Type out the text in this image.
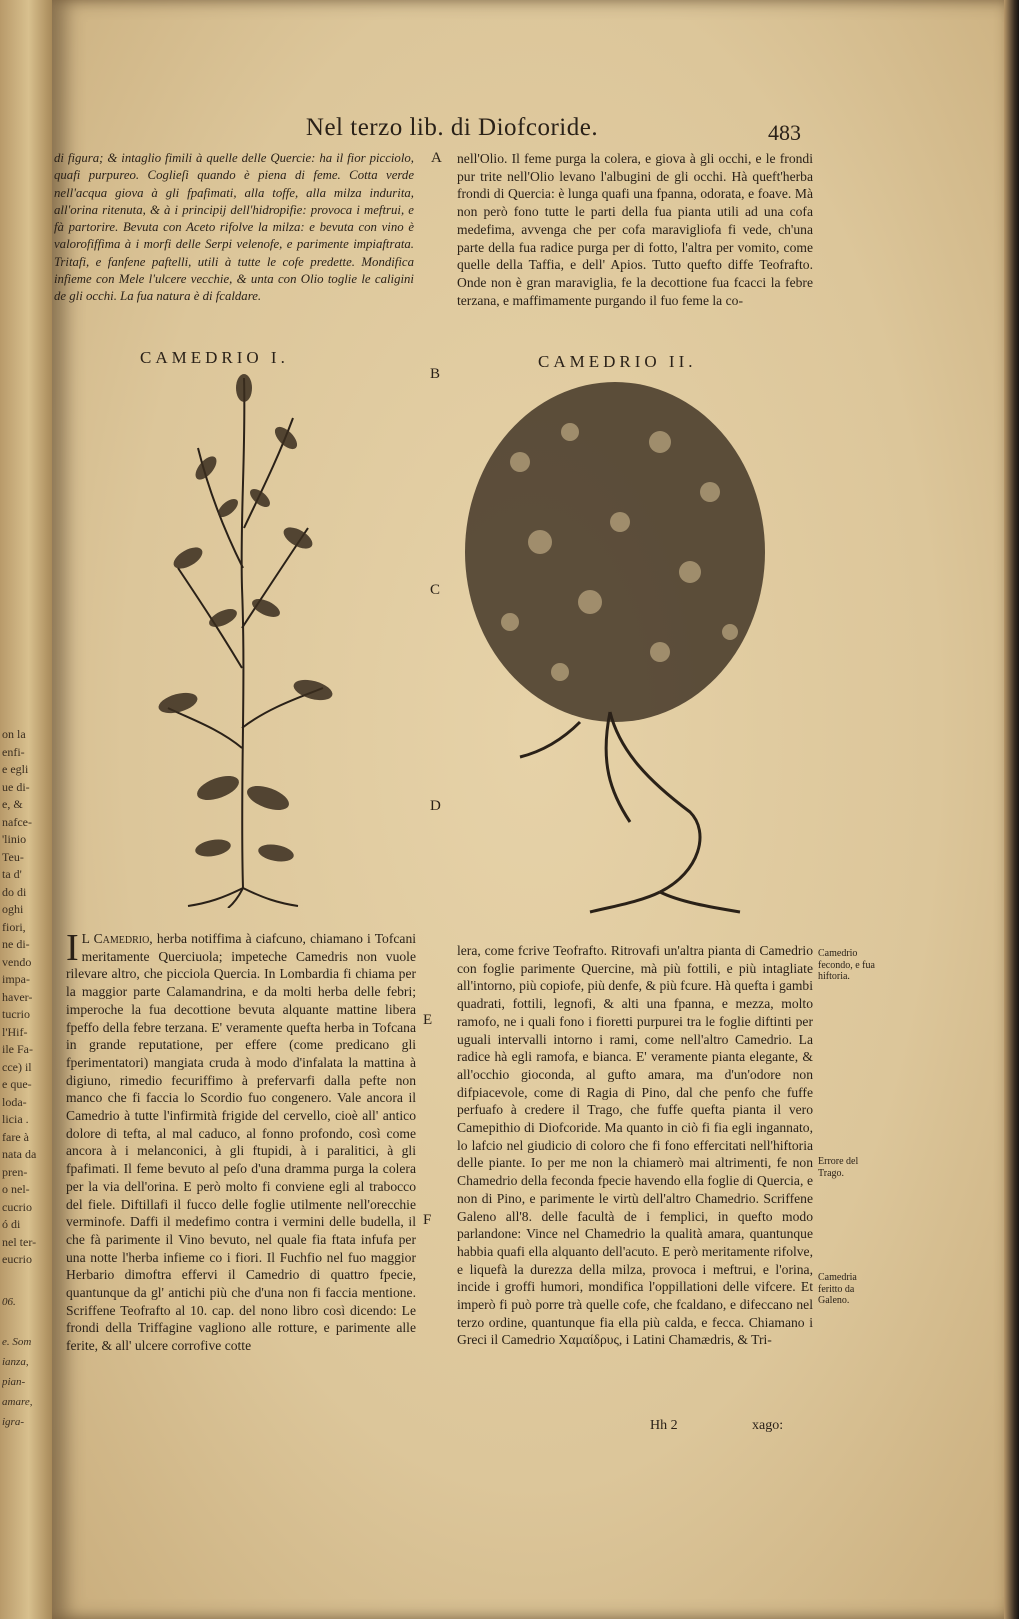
on la
enfi-
e egli
ue di-
e, &
nafce-
'linio
Teu-
ta d'
do di
oghi
fiori,
ne di-
vendo
impa-
haver-
tucrio
l'Hif-
ile Fa-
cce) il
e que-
loda-
licia .
fare à
nata da
pren-
o nel-
cucrio
ó di
nel ter-
eucrio
06.

e. Som
ianza,
pian-
amare,
igra-
Nel terzo lib. di Diofcoride.	483

di figura; & intaglio fimili à quelle delle Quercie: ha il fior picciolo, quafi purpureo. Coglieſi quando è piena di feme. Cotta verde nell'acqua giova à gli fpafimati, alla toffe, alla milza indurita, all'orina ritenuta, & à i principij dell'hidropifie: provoca i meftrui, e fà partorire. Bevuta con Aceto rifolve la milza: e bevuta con vino è valorofiffima à i morfi delle Serpi velenofe, e parimente impiaftrata. Tritafi, e fanfene paftelli, utili à tutte le cofe predette. Mondifica infieme con Mele l'ulcere vecchie, & unta con Olio toglie le caligini de gli occhi. La fua natura è di fcaldare.

A
B
C
D
E
F

nell'Olio. Il feme purga la colera, e giova à gli occhi, e le frondi pur trite nell'Olio levano l'albugini de gli occhi. Hà queft'herba frondi di Quercia: è lunga quafi una fpanna, odorata, e foave. Mà non però fono tutte le parti della fua pianta utili ad una cofa medefima, avvenga che per cofa maravigliofa fi vede, ch'una parte della fua radice purga per di fotto, l'altra per vomito, come quelle della Taffia, e dell' Apios. Tutto quefto diffe Teofrafto. Onde non è gran maraviglia, fe la decottione fua fcacci la febre terzana, e maffimamente purgando il fuo feme la co-

CAMEDRIO I.	CAMEDRIO II.

I L Camedrio, herba notiffima à ciafcuno, chiamano i Tofcani meritamente Querciuola; impeteche Camedris non vuole rilevare altro, che picciola Quercia. In Lombardia fi chiama per la maggior parte Calamandrina, e da molti herba delle febri; imperoche la fua decottione bevuta alquante mattine libera fpeffo della febre terzana. E' veramente quefta herba in Tofcana in grande reputatione, per effere (come predicano gli fperimentatori) mangiata cruda à modo d'infalata la mattina à digiuno, rimedio fecuriffimo à prefervarfi dalla pefte non manco che fi faccia lo Scordio fuo congenero. Vale ancora il Camedrio à tutte l'infirmità frigide del cervello, cioè all' antico dolore di tefta, al mal caduco, al fonno profondo, così come ancora à i melanconici, à gli ftupidi, à i paralitici, à gli fpafimati. Il feme bevuto al peſo d'una dramma purga la colera per la via dell'orina. E però molto fi conviene egli al trabocco del fiele. Diftillafi il fucco delle foglie utilmente nell'orecchie verminofe. Daffi il medefimo contra i vermini delle budella, il che fà parimente il Vino bevuto, nel quale fia ftata infufa per una notte l'herba infieme co i fiori. Il Fuchfio nel fuo maggior Herbario dimoftra effervi il Camedrio di quattro fpecie, quantunque da gl' antichi più che d'una non fi faccia mentione. Scriffene Teofrafto al 10. cap. del nono libro così dicendo: Le frondi della Triffagine vagliono alle rotture, e parimente alle ferite, & all' ulcere corrofive cotte

lera, come fcrive Teofrafto. Ritrovafi un'altra pianta di Camedrio con foglie parimente Quercine, mà più fottili, e più intagliate all'intorno, più copiofe, più denfe, & più fcure. Hà quefta i gambi quadrati, fottili, legnofi, & alti una fpanna, e mezza, molto ramofo, ne i quali fono i fioretti purpurei tra le foglie diftinti per uguali intervalli intorno i rami, come nell'altro Camedrio. La radice hà egli ramofa, e bianca. E' veramente pianta elegante, & all'occhio gioconda, al gufto amara, ma d'un'odore non difpiacevole, come di Ragia di Pino, dal che penfo che fuffe perfuafo à credere il Trago, che fuffe quefta pianta il vero Camepithio di Diofcoride. Ma quanto in ciò fi fia egli ingannato, lo lafcio nel giudicio di coloro che fi fono effercitati nell'hiftoria delle piante. Io per me non la chiamerò mai altrimenti, fe non Chamedrio della feconda fpecie havendo ella foglie di Quercia, e non di Pino, e parimente le virtù dell'altro Chamedrio. Scriffene Galeno all'8. delle facultà de i femplici, in quefto modo parlandone: Vince nel Chamedrio la qualità amara, quantunque habbia quafi ella alquanto dell'acuto. E però meritamente rifolve, e liquefà la durezza della milza, provoca i meftrui, e l'orina, incide i groffi humori, mondifica l'oppillationi delle vifcere. Et imperò fi può porre trà quelle cofe, che fcaldano, e difeccano nel terzo ordine, quantunque fia ella più calda, e fecca. Chiamano i Greci il Camedrio Χαμαίδρυς, i Latini Chamædris, & Tri-

Camedrio fecondo, e fua hiftoria.
Errore del Trago.
Camedria ferittо da Galeno.
Hh 2	xago:
